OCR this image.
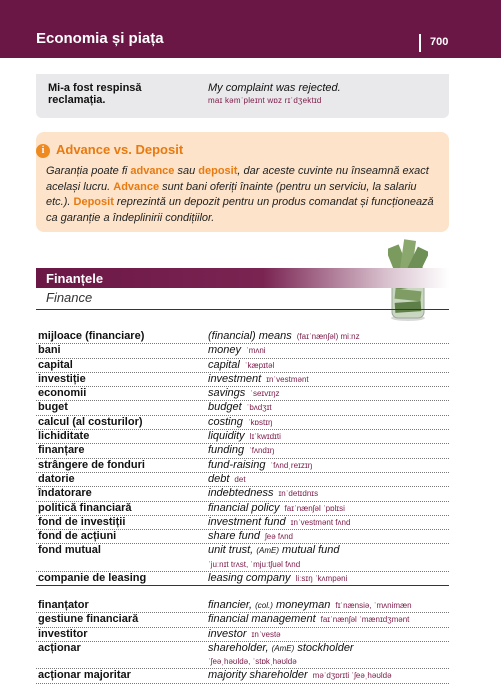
Economia și piața	700
Mi-a fost respinsă reclamația.
My complaint was rejected.
maɪ kəmˈpleɪnt wɒz rɪˈdʒektɪd
i Advance vs. Deposit
Garanția poate fi advance sau deposit, dar aceste cuvinte nu înseamnă exact același lucru. Advance sunt bani oferiți înainte (pentru un serviciu, la salariu etc.). Deposit reprezintă un depozit pentru un produs comandat și funcționează ca garanție a îndeplinirii condițiilor.
Finanțele
Finance
mijloace (financiare)	(financial) means (faɪˈnænʃəl) miːnz
bani	money ˈmʌni
capital	capital ˈkæpɪtəl
investiție	investment ɪnˈvestmənt
economii	savings ˈseɪvɪŋz
buget	budget ˈbʌdʒɪt
calcul (al costurilor)	costing ˈkɒstɪŋ
lichiditate	liquidity lɪˈkwɪdɪti
finanțare	funding ˈfʌndɪŋ
strângere de fonduri	fund-raising ˈfʌndˌreɪzɪŋ
datorie	debt det
îndatorare	indebtedness ɪnˈdetɪdnɪs
politică financiară	financial policy faɪˈnænʃəl ˈpɒlɪsi
fond de investiții	investment fund ɪnˈvestmənt fʌnd
fond de acțiuni	share fund ʃeə fʌnd
fond mutual	unit trust, (AmE) mutual fund
ˈjuːnɪt trʌst, ˈmjuːtʃuəl fʌnd
companie de leasing	leasing company liːsɪŋ ˈkʌmpəni
finanțator	financier, (col.) moneyman fɪˈnænsiə, ˈmʌnimæn
gestiune financiară	financial management faɪˈnænʃəl ˈmænɪdʒmənt
investitor	investor ɪnˈvestə
acționar	shareholder, (AmE) stockholder
ˈʃeəˌhəʊldə, ˈstɒkˌhəʊldə
acționar majoritar	majority shareholder məˈdʒɒrɪti ˈʃeəˌhəʊldə
